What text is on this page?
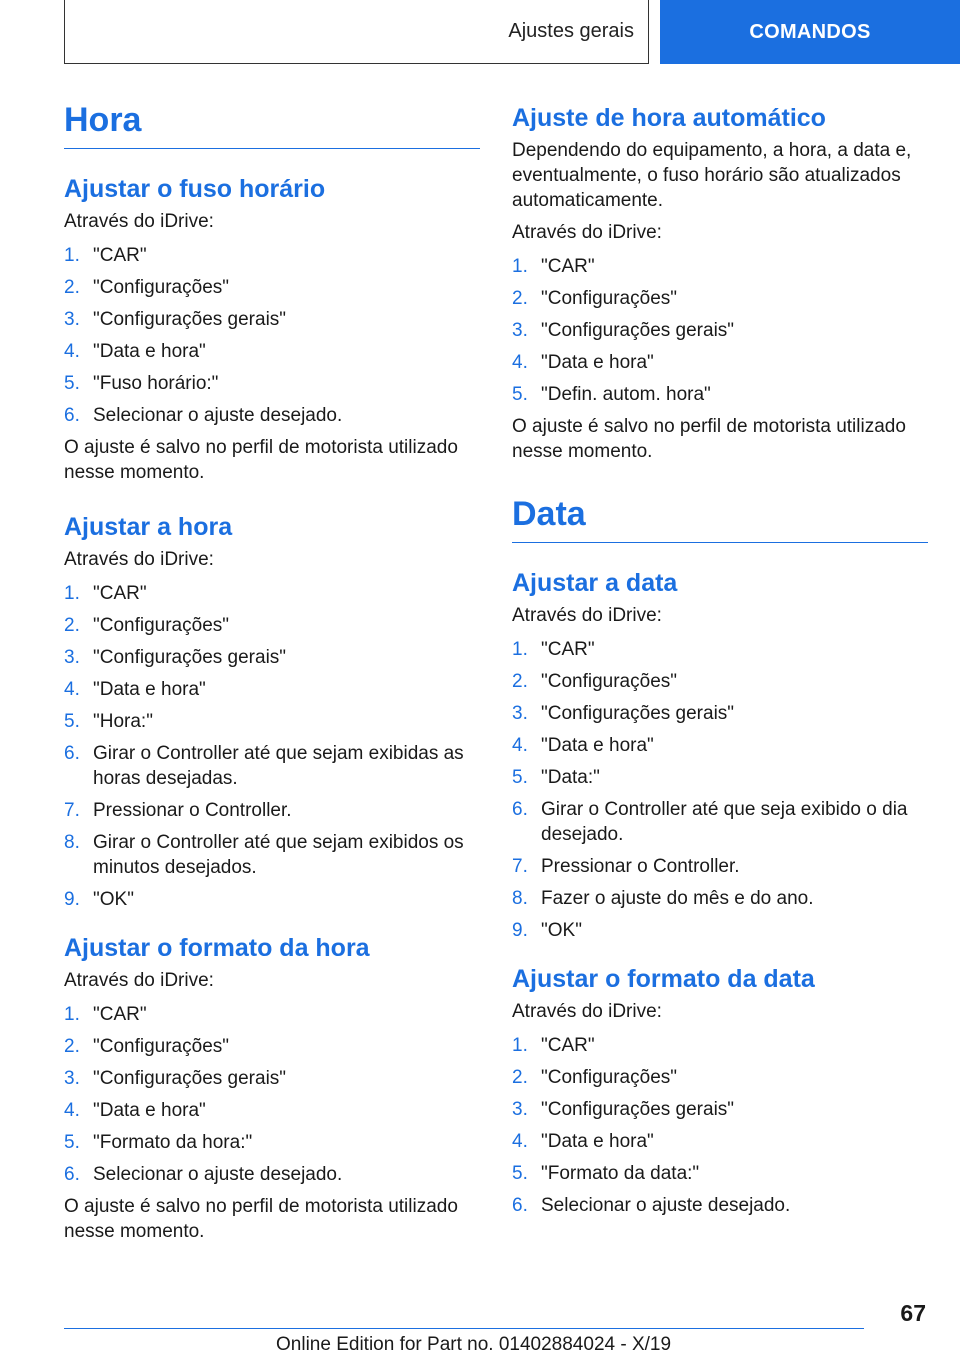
Ajustes gerais	COMANDOS
Hora
Ajustar o fuso horário

Através do iDrive:

1. "CAR"
2. "Configurações"
3. "Configurações gerais"
4. "Data e hora"
5. "Fuso horário:"
6. Selecionar o ajuste desejado.

O ajuste é salvo no perfil de motorista utilizado nesse momento.

Ajustar a hora

Através do iDrive:

1. "CAR"
2. "Configurações"
3. "Configurações gerais"
4. "Data e hora"
5. "Hora:"
6. Girar o Controller até que sejam exibidas as horas desejadas.
7. Pressionar o Controller.
8. Girar o Controller até que sejam exibidos os minutos desejados.
9. "OK"
Ajustar o formato da hora

Através do iDrive:

1. "CAR"
2. "Configurações"
3. "Configurações gerais"
4. "Data e hora"
5. "Formato da hora:"
6. Selecionar o ajuste desejado.

O ajuste é salvo no perfil de motorista utilizado nesse momento.

Ajuste de hora automático

Dependendo do equipamento, a hora, a data e, eventualmente, o fuso horário são atualizados automaticamente.

Através do iDrive:

1. "CAR"
2. "Configurações"
3. "Configurações gerais"
4. "Data e hora"
5. "Defin. autom. hora"

O ajuste é salvo no perfil de motorista utilizado nesse momento.

Data
Ajustar a data

Através do iDrive:

1. "CAR"
2. "Configurações"
3. "Configurações gerais"
4. "Data e hora"
5. "Data:"
6. Girar o Controller até que seja exibido o dia desejado.
7. Pressionar o Controller.
8. Fazer o ajuste do mês e do ano.
9. "OK"
Ajustar o formato da data

Através do iDrive:

1. "CAR"
2. "Configurações"
3. "Configurações gerais"
4. "Data e hora"
5. "Formato da data:"
6. Selecionar o ajuste desejado.
67
Online Edition for Part no. 01402884024 - X/19
